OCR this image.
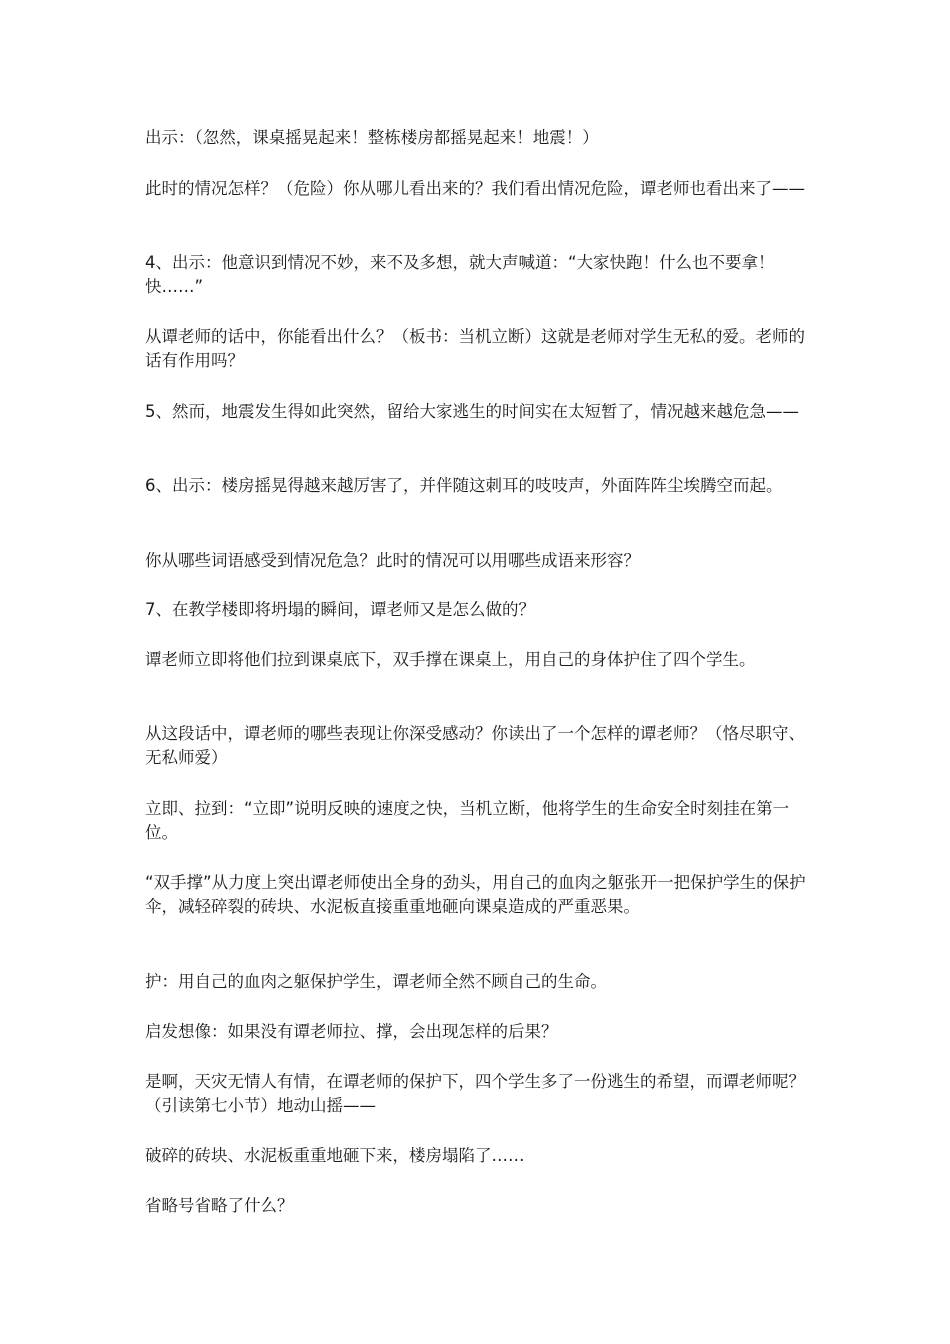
出示：（忽然，课桌摇晃起来！整栋楼房都摇晃起来！地震！）

此时的情况怎样？（危险）你从哪儿看出来的？我们看出情况危险，谭老师也看出来了——

4、出示：他意识到情况不妙，来不及多想，就大声喊道：“大家快跑！什么也不要拿！快……”

从谭老师的话中，你能看出什么？（板书：当机立断）这就是老师对学生无私的爱。老师的话有作用吗？

5、然而，地震发生得如此突然，留给大家逃生的时间实在太短暂了，情况越来越危急——

6、出示：楼房摇晃得越来越厉害了，并伴随这刺耳的吱吱声，外面阵阵尘埃腾空而起。

你从哪些词语感受到情况危急？此时的情况可以用哪些成语来形容？

7、在教学楼即将坍塌的瞬间，谭老师又是怎么做的？

谭老师立即将他们拉到课桌底下，双手撑在课桌上，用自己的身体护住了四个学生。

从这段话中，谭老师的哪些表现让你深受感动？你读出了一个怎样的谭老师？（恪尽职守、无私师爱）

立即、拉到：“立即”说明反映的速度之快，当机立断，他将学生的生命安全时刻挂在第一位。

“双手撑”从力度上突出谭老师使出全身的劲头，用自己的血肉之躯张开一把保护学生的保护伞，减轻碎裂的砖块、水泥板直接重重地砸向课桌造成的严重恶果。

护：用自己的血肉之躯保护学生，谭老师全然不顾自己的生命。

启发想像：如果没有谭老师拉、撑，会出现怎样的后果？

是啊，天灾无情人有情，在谭老师的保护下，四个学生多了一份逃生的希望，而谭老师呢？　（引读第七小节）地动山摇——

破碎的砖块、水泥板重重地砸下来，楼房塌陷了……

省略号省略了什么？
